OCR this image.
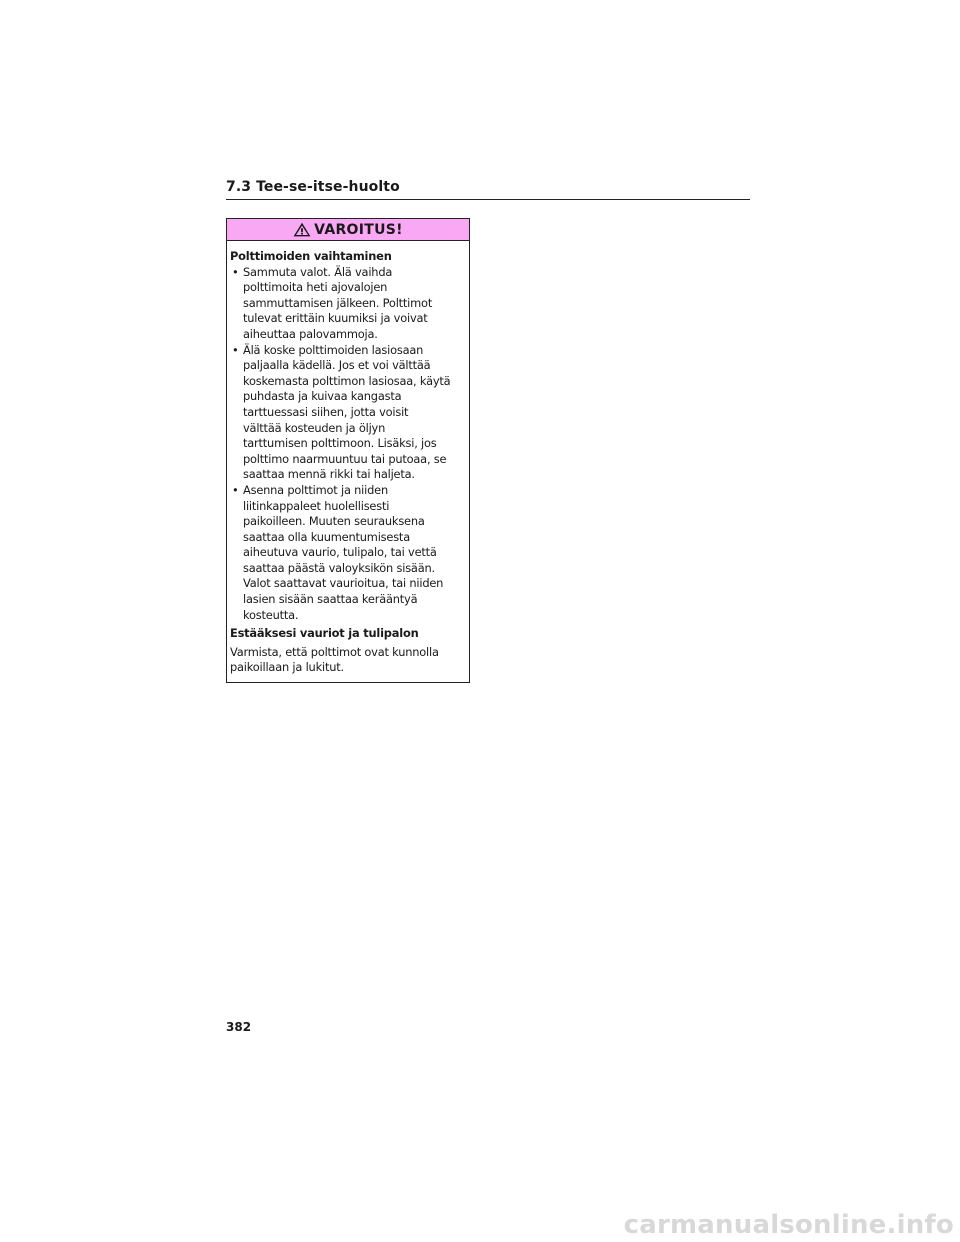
7.3 Tee-se-itse-huolto
VAROITUS!
Polttimoiden vaihtaminen
• Sammuta valot. Älä vaihda
polttimoita heti ajovalojen
sammuttamisen jälkeen. Polttimot
tulevat erittäin kuumiksi ja voivat
aiheuttaa palovammoja.
• Älä koske polttimoiden lasiosaan
paljaalla kädellä. Jos et voi välttää
koskemasta polttimon lasiosaa, käytä
puhdasta ja kuivaa kangasta
tarttuessasi siihen, jotta voisit
välttää kosteuden ja öljyn
tarttumisen polttimoon. Lisäksi, jos
polttimo naarmuuntuu tai putoaa, se
saattaa mennä rikki tai haljeta.
• Asenna polttimot ja niiden
liitinkappaleet huolellisesti
paikoilleen. Muuten seurauksena
saattaa olla kuumentumisesta
aiheutuva vaurio, tulipalo, tai vettä
saattaa päästä valoyksikön sisään.
Valot saattavat vaurioitua, tai niiden
lasien sisään saattaa kerääntyä
kosteutta.
Estääksesi vauriot ja tulipalon

Varmista, että polttimot ovat kunnolla
paikoillaan ja lukitut.

382
carmanualsonline.info
